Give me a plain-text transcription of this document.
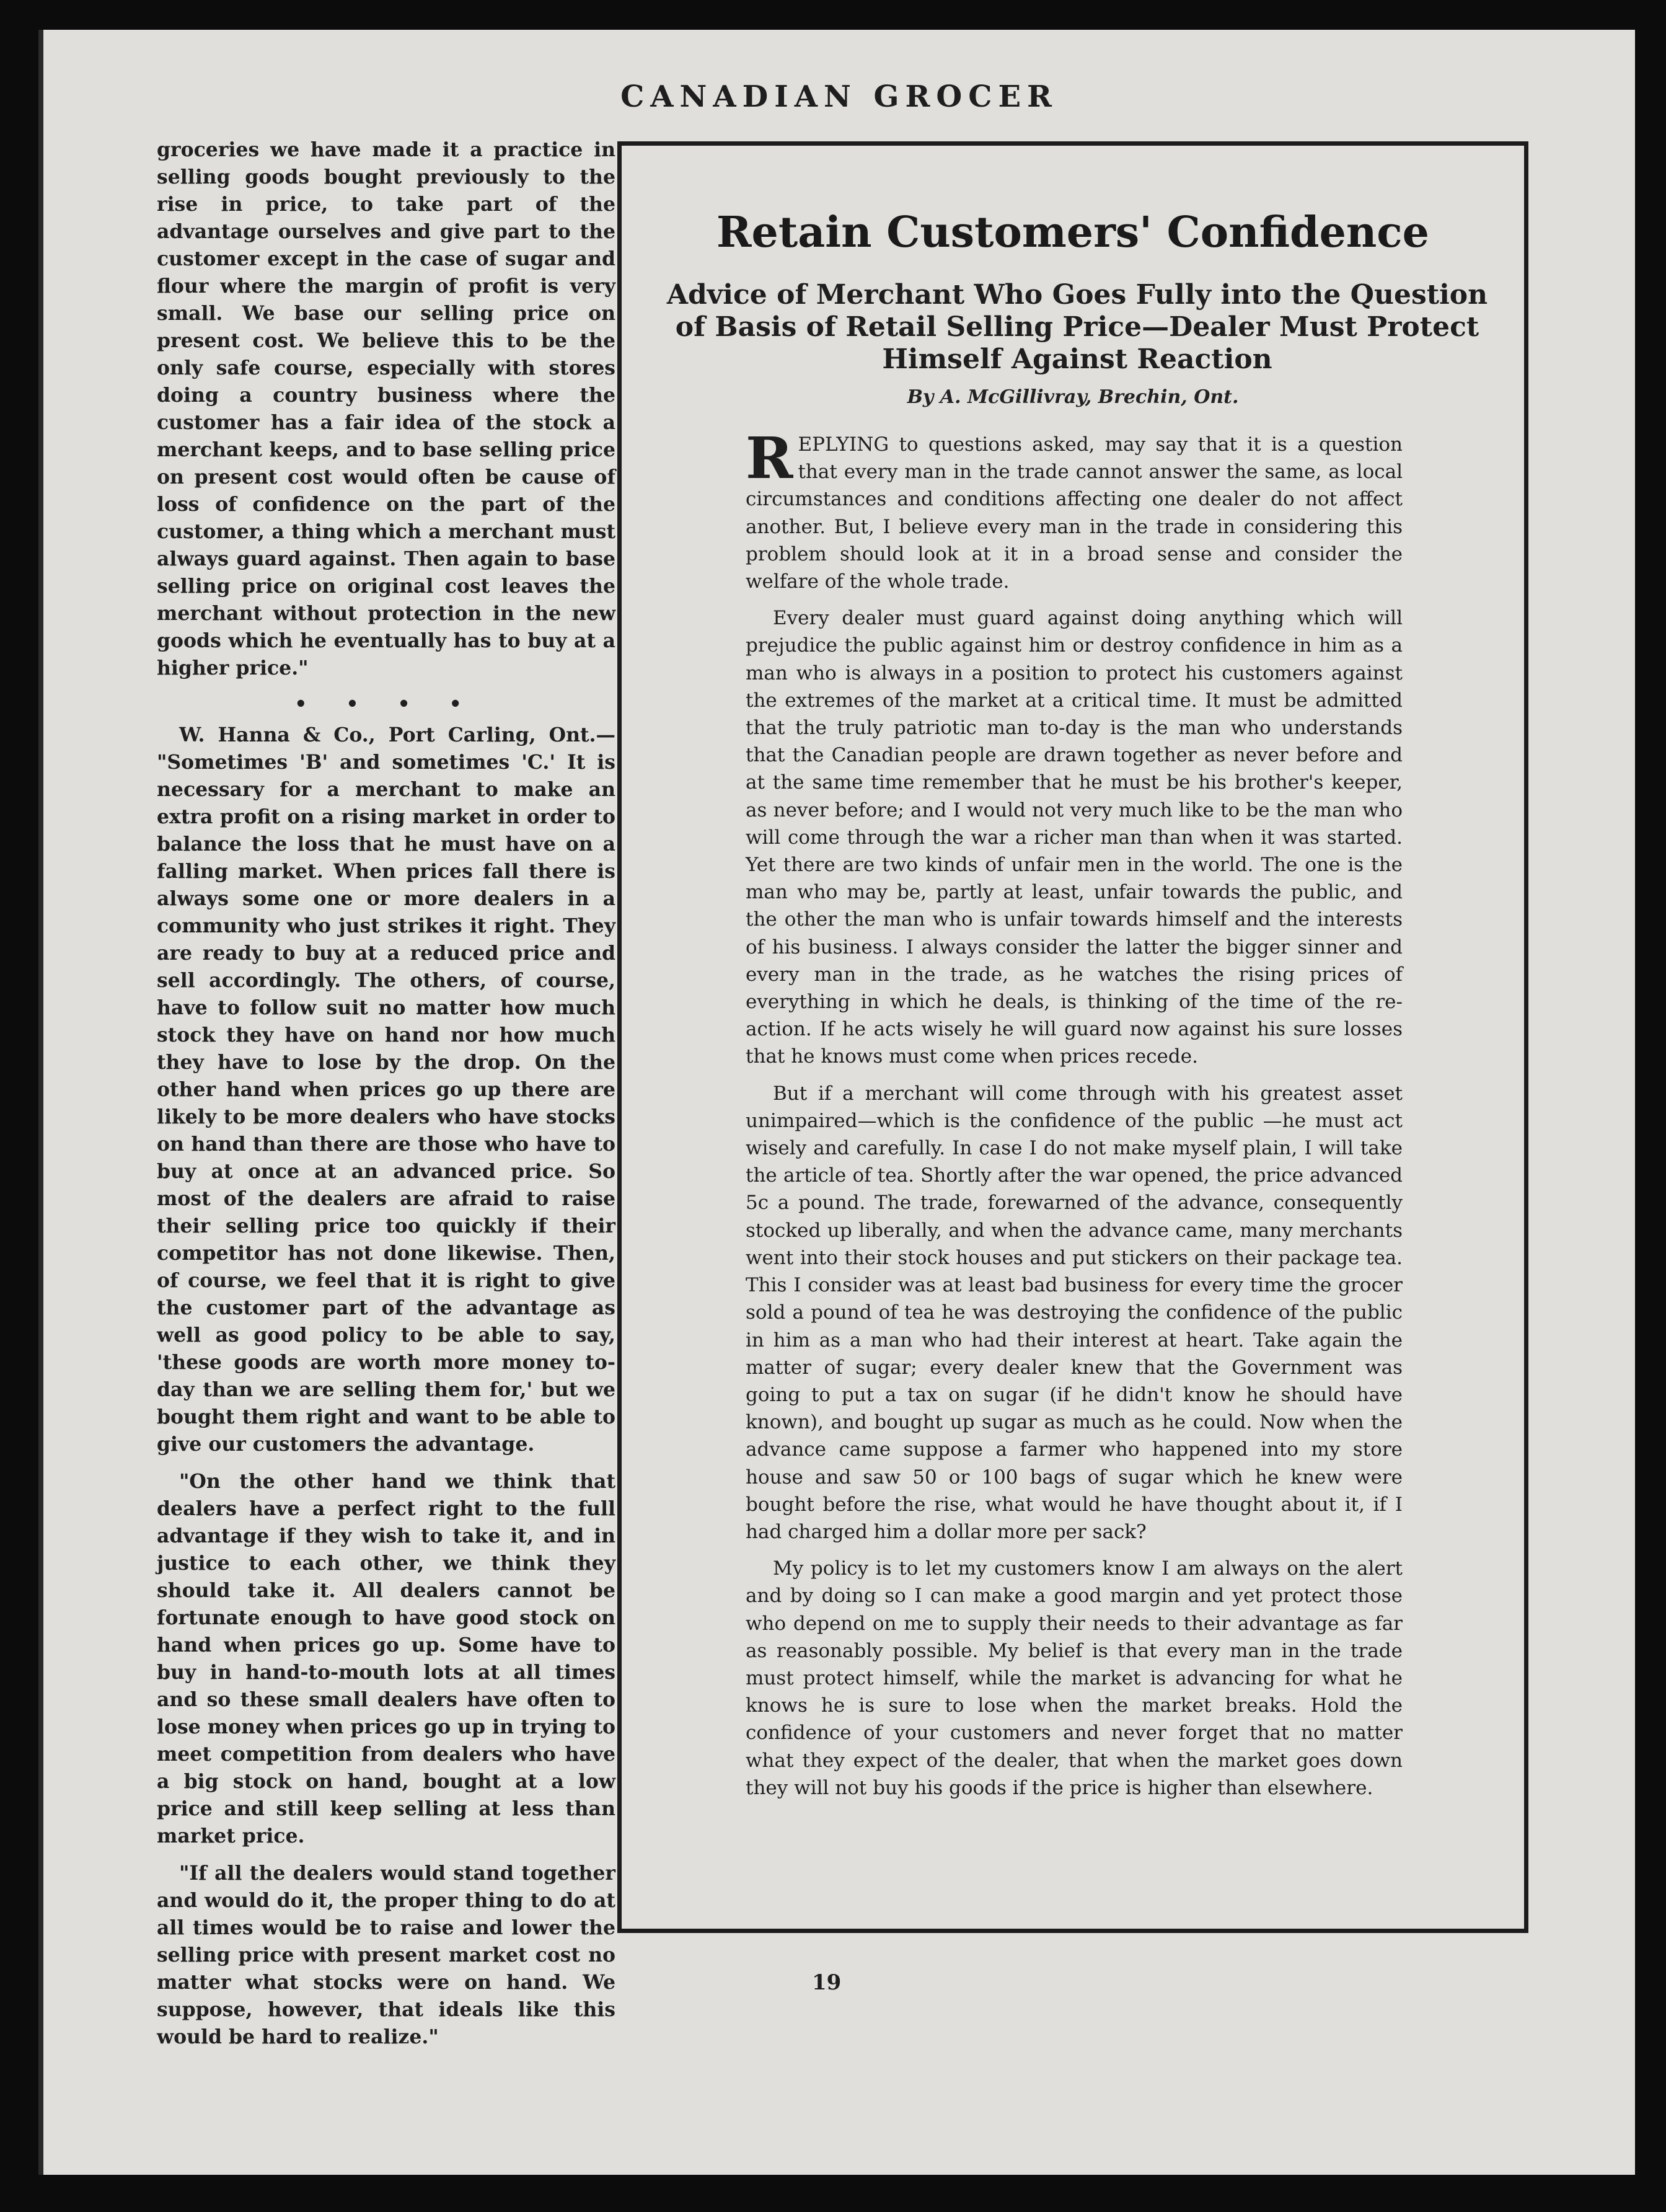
CANADIAN GROCER

groceries we have made it a practice in selling goods bought previously to the rise in price, to take part of the advantage ourselves and give part to the customer except in the case of sugar and flour where the margin of profit is very small. We base our selling price on present cost. We believe this to be the only safe course, especially with stores doing a country business where the customer has a fair idea of the stock a merchant keeps, and to base selling price on present cost would often be cause of loss of confidence on the part of the customer, a thing which a merchant must always guard against. Then again to base selling price on original cost leaves the merchant without protection in the new goods which he eventually has to buy at a higher price."

• • • •

W. Hanna & Co., Port Carling, Ont.— "Sometimes 'B' and sometimes 'C.' It is necessary for a merchant to make an extra profit on a rising market in order to balance the loss that he must have on a falling market. When prices fall there is always some one or more dealers in a community who just strikes it right. They are ready to buy at a reduced price and sell accordingly. The others, of course, have to follow suit no matter how much stock they have on hand nor how much they have to lose by the drop. On the other hand when prices go up there are likely to be more dealers who have stocks on hand than there are those who have to buy at once at an advanced price. So most of the dealers are afraid to raise their selling price too quickly if their competitor has not done likewise. Then, of course, we feel that it is right to give the customer part of the advantage as well as good policy to be able to say, 'these goods are worth more money to-day than we are selling them for,' but we bought them right and want to be able to give our customers the advantage.

"On the other hand we think that dealers have a perfect right to the full advantage if they wish to take it, and in justice to each other, we think they should take it. All dealers cannot be fortunate enough to have good stock on hand when prices go up. Some have to buy in hand-to-mouth lots at all times and so these small dealers have often to lose money when prices go up in trying to meet competition from dealers who have a big stock on hand, bought at a low price and still keep selling at less than market price.

"If all the dealers would stand together and would do it, the proper thing to do at all times would be to raise and lower the selling price with present market cost no matter what stocks were on hand. We suppose, however, that ideals like this would be hard to realize."

Retain Customers' Confidence
Advice of Merchant Who Goes Fully into the Question of Basis of Retail Selling Price—Dealer Must Protect Himself Against Reaction
By A. McGillivray, Brechin, Ont.

REPLYING to questions asked, may say that it is a question that every man in the trade cannot answer the same, as local circumstances and conditions affecting one dealer do not affect another. But, I believe every man in the trade in considering this problem should look at it in a broad sense and consider the welfare of the whole trade.

Every dealer must guard against doing anything which will prejudice the public against him or destroy confidence in him as a man who is always in a position to protect his customers against the extremes of the market at a critical time. It must be admitted that the truly patriotic man to-day is the man who understands that the Canadian people are drawn together as never before and at the same time remember that he must be his brother's keeper, as never before; and I would not very much like to be the man who will come through the war a richer man than when it was started. Yet there are two kinds of unfair men in the world. The one is the man who may be, partly at least, unfair towards the public, and the other the man who is unfair towards himself and the interests of his business. I always consider the latter the bigger sinner and every man in the trade, as he watches the rising prices of everything in which he deals, is thinking of the time of the re-action. If he acts wisely he will guard now against his sure losses that he knows must come when prices recede.

But if a merchant will come through with his greatest asset unimpaired—which is the confidence of the public —he must act wisely and carefully. In case I do not make myself plain, I will take the article of tea. Shortly after the war opened, the price advanced 5c a pound. The trade, forewarned of the advance, consequently stocked up liberally, and when the advance came, many merchants went into their stock houses and put stickers on their package tea. This I consider was at least bad business for every time the grocer sold a pound of tea he was destroying the confidence of the public in him as a man who had their interest at heart. Take again the matter of sugar; every dealer knew that the Government was going to put a tax on sugar (if he didn't know he should have known), and bought up sugar as much as he could. Now when the advance came suppose a farmer who happened into my store house and saw 50 or 100 bags of sugar which he knew were bought before the rise, what would he have thought about it, if I had charged him a dollar more per sack?

My policy is to let my customers know I am always on the alert and by doing so I can make a good margin and yet protect those who depend on me to supply their needs to their advantage as far as reasonably possible. My belief is that every man in the trade must protect himself, while the market is advancing for what he knows he is sure to lose when the market breaks. Hold the confidence of your customers and never forget that no matter what they expect of the dealer, that when the market goes down they will not buy his goods if the price is higher than elsewhere.

19
